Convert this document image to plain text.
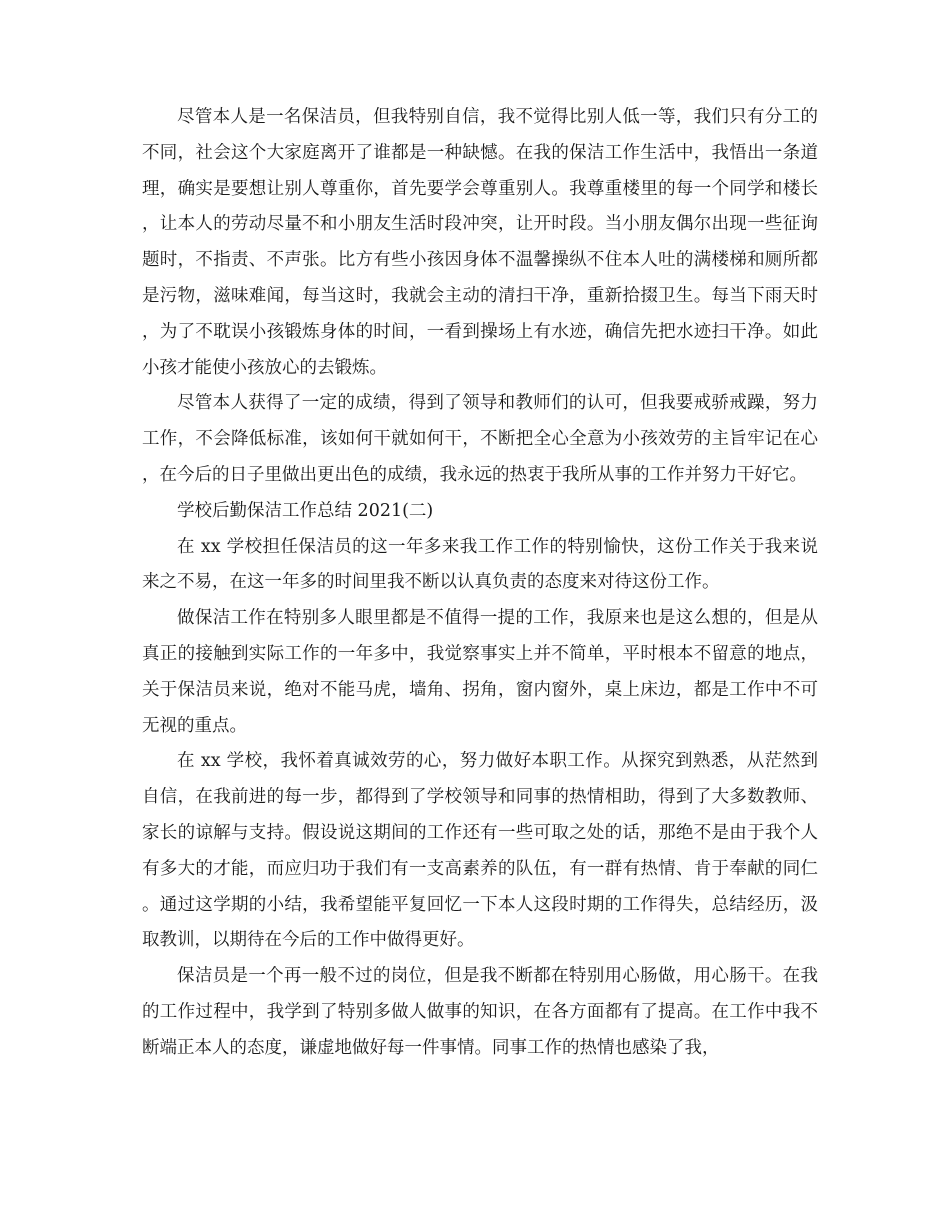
尽管本人是一名保洁员，但我特别自信，我不觉得比别人低一等，我们只有分工的不同，社会这个大家庭离开了谁都是一种缺憾。在我的保洁工作生活中，我悟出一条道理，确实是要想让别人尊重你，首先要学会尊重别人。我尊重楼里的每一个同学和楼长，让本人的劳动尽量不和小朋友生活时段冲突，让开时段。当小朋友偶尔出现一些征询题时，不指责、不声张。比方有些小孩因身体不温馨操纵不住本人吐的满楼梯和厕所都是污物，滋味难闻，每当这时，我就会主动的清扫干净，重新拾掇卫生。每当下雨天时，为了不耽误小孩锻炼身体的时间，一看到操场上有水迹，确信先把水迹扫干净。如此小孩才能使小孩放心的去锻炼。

尽管本人获得了一定的成绩，得到了领导和教师们的认可，但我要戒骄戒躁，努力工作，不会降低标准，该如何干就如何干，不断把全心全意为小孩效劳的主旨牢记在心，在今后的日子里做出更出色的成绩，我永远的热衷于我所从事的工作并努力干好它。

学校后勤保洁工作总结 2021(二)

在 xx 学校担任保洁员的这一年多来我工作工作的特别愉快，这份工作关于我来说来之不易，在这一年多的时间里我不断以认真负责的态度来对待这份工作。

做保洁工作在特别多人眼里都是不值得一提的工作，我原来也是这么想的，但是从真正的接触到实际工作的一年多中，我觉察事实上并不简单，平时根本不留意的地点，关于保洁员来说，绝对不能马虎，墙角、拐角，窗内窗外，桌上床边，都是工作中不可无视的重点。

在 xx 学校，我怀着真诚效劳的心，努力做好本职工作。从探究到熟悉，从茫然到自信，在我前进的每一步，都得到了学校领导和同事的热情相助，得到了大多数教师、家长的谅解与支持。假设说这期间的工作还有一些可取之处的话，那绝不是由于我个人有多大的才能，而应归功于我们有一支高素养的队伍，有一群有热情、肯于奉献的同仁。通过这学期的小结，我希望能平复回忆一下本人这段时期的工作得失，总结经历，汲取教训，以期待在今后的工作中做得更好。

保洁员是一个再一般不过的岗位，但是我不断都在特别用心肠做，用心肠干。在我的工作过程中，我学到了特别多做人做事的知识，在各方面都有了提高。在工作中我不断端正本人的态度，谦虚地做好每一件事情。同事工作的热情也感染了我，
